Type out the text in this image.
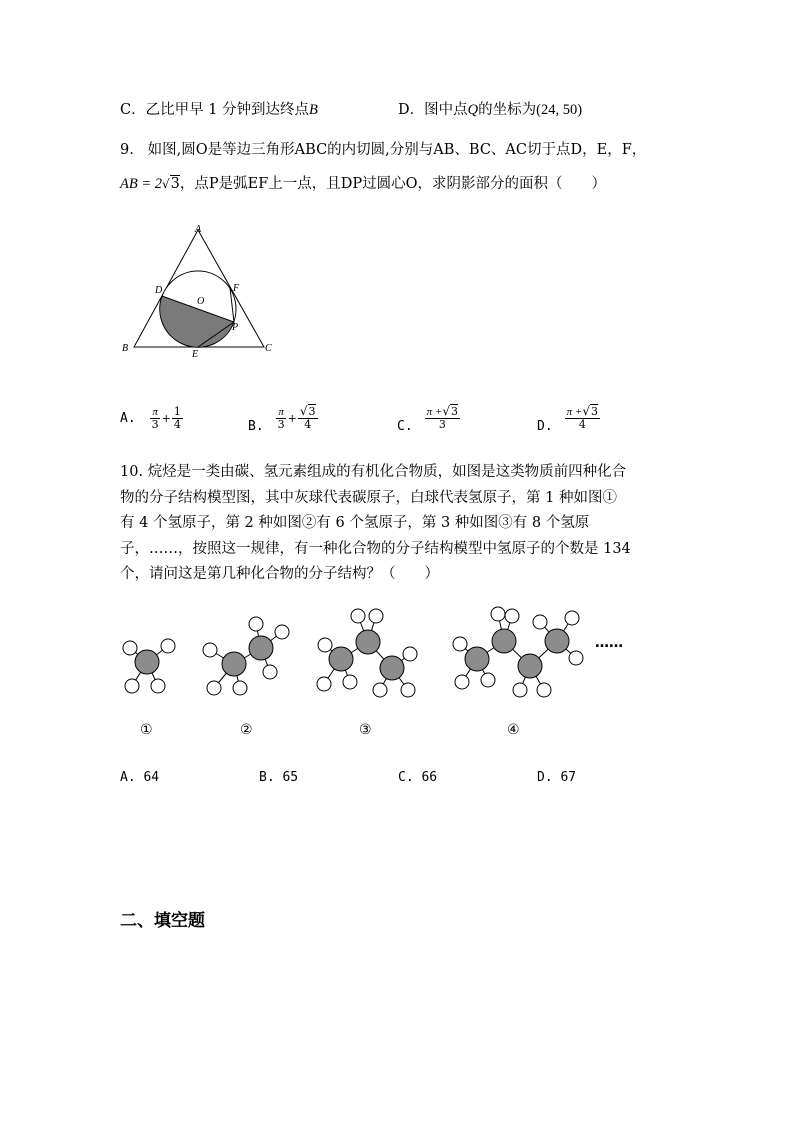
C．乙比甲早 1 分钟到达终点B	D．图中点Q的坐标为(24, 50)
9. 如图,圆O是等边三角形ABC的内切圆,分别与AB、BC、AC切于点D，E，F，
AB = 2√3，点P是弧EF上一点，且DP过圆心O，求阴影部分的面积（　　）
A
B	C
D
E
F
O
P
A. $\frac{\pi}{3} + \frac{1}{4}$	B. $\frac{\pi}{3} + \frac{√3}{4}$	C. $\frac{\pi +√3}{3}$	D. $\frac{\pi +√3}{4}$
10. 烷烃是一类由碳、氢元素组成的有机化合物质，如图是这类物质前四种化合
物的分子结构模型图，其中灰球代表碳原子，白球代表氢原子，第 1 种如图①
有 4 个氢原子，第 2 种如图②有 6 个氢原子，第 3 种如图③有 8 个氢原
子，……，按照这一规律，有一种化合物的分子结构模型中氢原子的个数是 134
个，请问这是第几种化合物的分子结构？（　　）
……
①	②	③	④
A. 64	B. 65	C. 66	D. 67
二、填空题
